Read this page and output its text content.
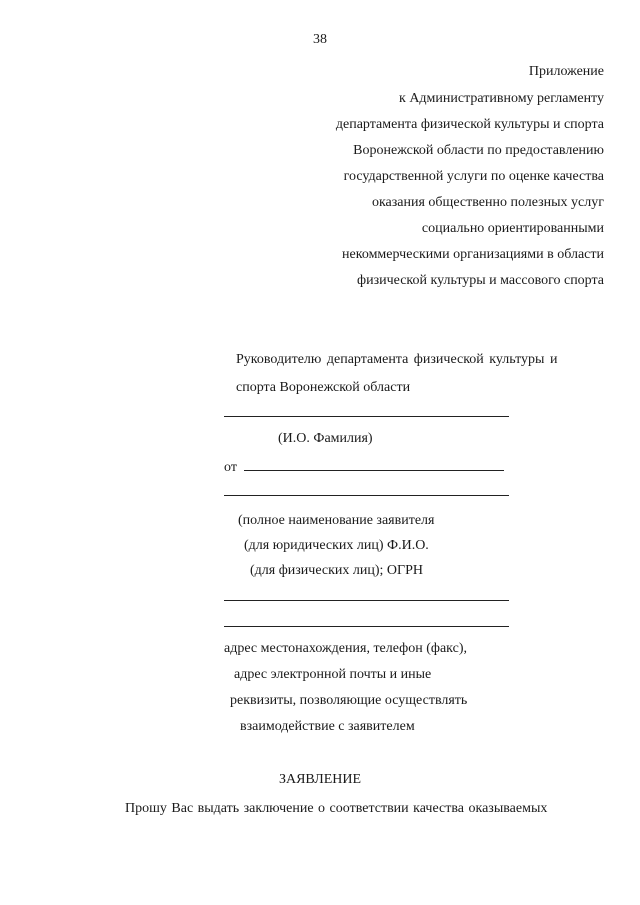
38
Приложение
к Административному регламенту
департамента физической культуры и спорта
Воронежской области по предоставлению
государственной услуги по оценке качества
оказания общественно полезных услуг
социально ориентированными
некоммерческими организациями в области
физической культуры и массового спорта
Руководителю департамента физической культуры и
спорта Воронежской области
(И.О. Фамилия)
от
(полное наименование заявителя
(для юридических лиц) Ф.И.О.
(для физических лиц); ОГРН
адрес местонахождения, телефон (факс),
адрес электронной почты и иные
реквизиты, позволяющие осуществлять
взаимодействие с заявителем
ЗАЯВЛЕНИЕ
Прошу Вас выдать заключение о соответствии качества оказываемых
